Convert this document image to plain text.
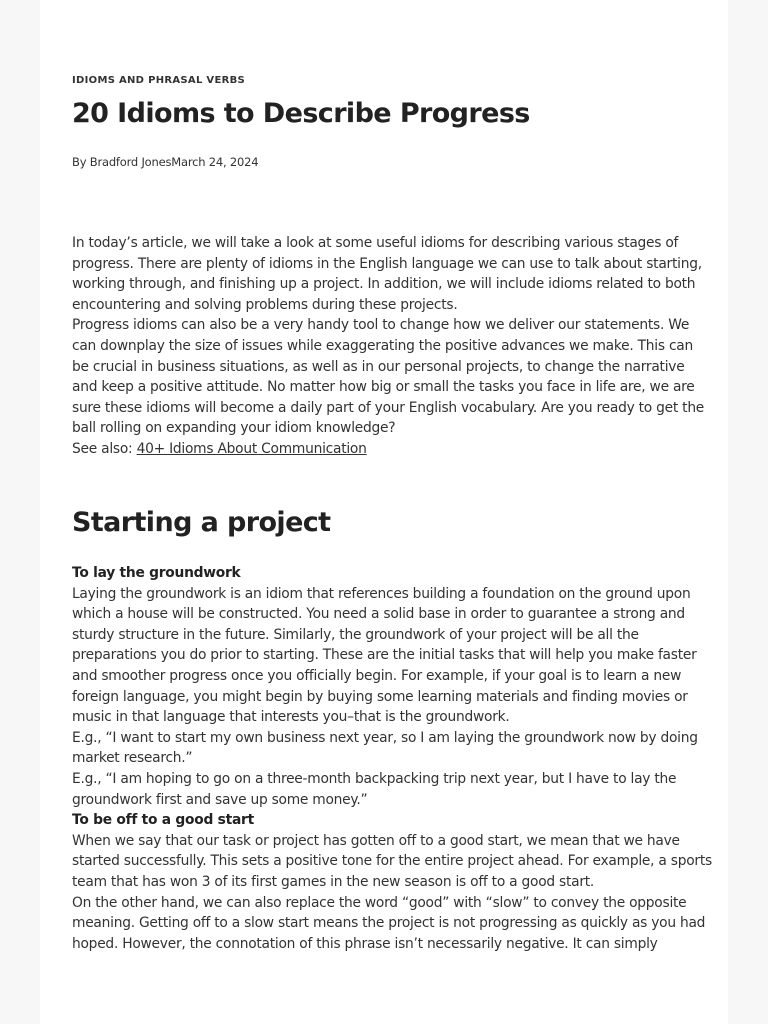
IDIOMS AND PHRASAL VERBS
20 Idioms to Describe Progress
By Bradford JonesMarch 24, 2024

In today’s article, we will take a look at some useful idioms for describing various stages of progress. There are plenty of idioms in the English language we can use to talk about starting, working through, and finishing up a project. In addition, we will include idioms related to both encountering and solving problems during these projects.

Progress idioms can also be a very handy tool to change how we deliver our statements. We can downplay the size of issues while exaggerating the positive advances we make. This can be crucial in business situations, as well as in our personal projects, to change the narrative and keep a positive attitude. No matter how big or small the tasks you face in life are, we are sure these idioms will become a daily part of your English vocabulary. Are you ready to get the ball rolling on expanding your idiom knowledge?

See also: 40+ Idioms About Communication

Starting a project

To lay the groundwork

Laying the groundwork is an idiom that references building a foundation on the ground upon which a house will be constructed. You need a solid base in order to guarantee a strong and sturdy structure in the future. Similarly, the groundwork of your project will be all the preparations you do prior to starting. These are the initial tasks that will help you make faster and smoother progress once you officially begin. For example, if your goal is to learn a new foreign language, you might begin by buying some learning materials and finding movies or music in that language that interests you–that is the groundwork.

E.g., “I want to start my own business next year, so I am laying the groundwork now by doing market research.”

E.g., “I am hoping to go on a three-month backpacking trip next year, but I have to lay the groundwork first and save up some money.”

To be off to a good start

When we say that our task or project has gotten off to a good start, we mean that we have started successfully. This sets a positive tone for the entire project ahead. For example, a sports team that has won 3 of its first games in the new season is off to a good start.

On the other hand, we can also replace the word “good” with “slow” to convey the opposite meaning. Getting off to a slow start means the project is not progressing as quickly as you had hoped. However, the connotation of this phrase isn’t necessarily negative. It can simply
